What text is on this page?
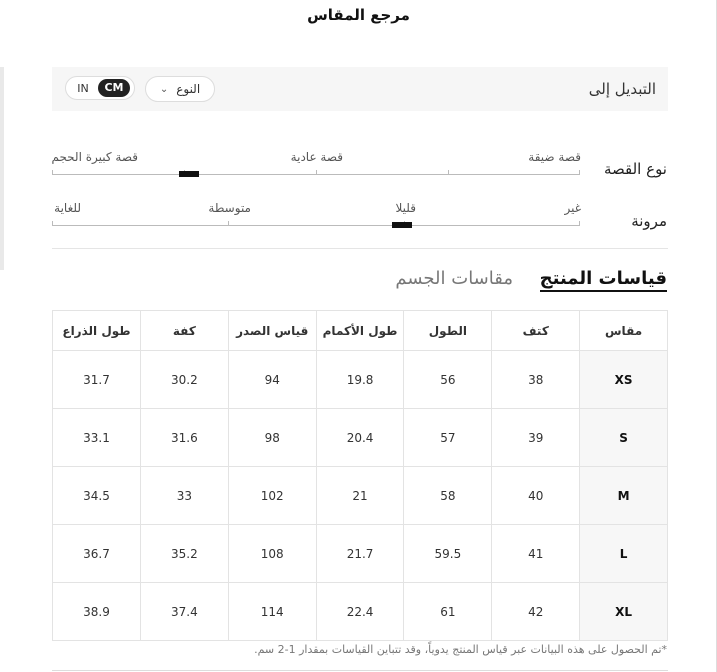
مرجع المقاس
التبديل إلى
النوع
⌄
IN	CM
نوع القصة
قصة ضيقة
قصة عادية
قصة كبيرة الحجم
مرونة
غير
قليلا
متوسطة
للغاية
قياسات المنتج
مقاسات الجسم
مقاس	كتف	الطول	طول الأكمام	قياس الصدر	كفة	طول الذراع
XS	38	56	19.8	94	30.2	31.7
S	39	57	20.4	98	31.6	33.1
M	40	58	21	102	33	34.5
L	41	59.5	21.7	108	35.2	36.7
XL	42	61	22.4	114	37.4	38.9
*تم الحصول على هذه البيانات عبر قياس المنتج يدوياً، وقد تتباين القياسات بمقدار 1-2 سم.
